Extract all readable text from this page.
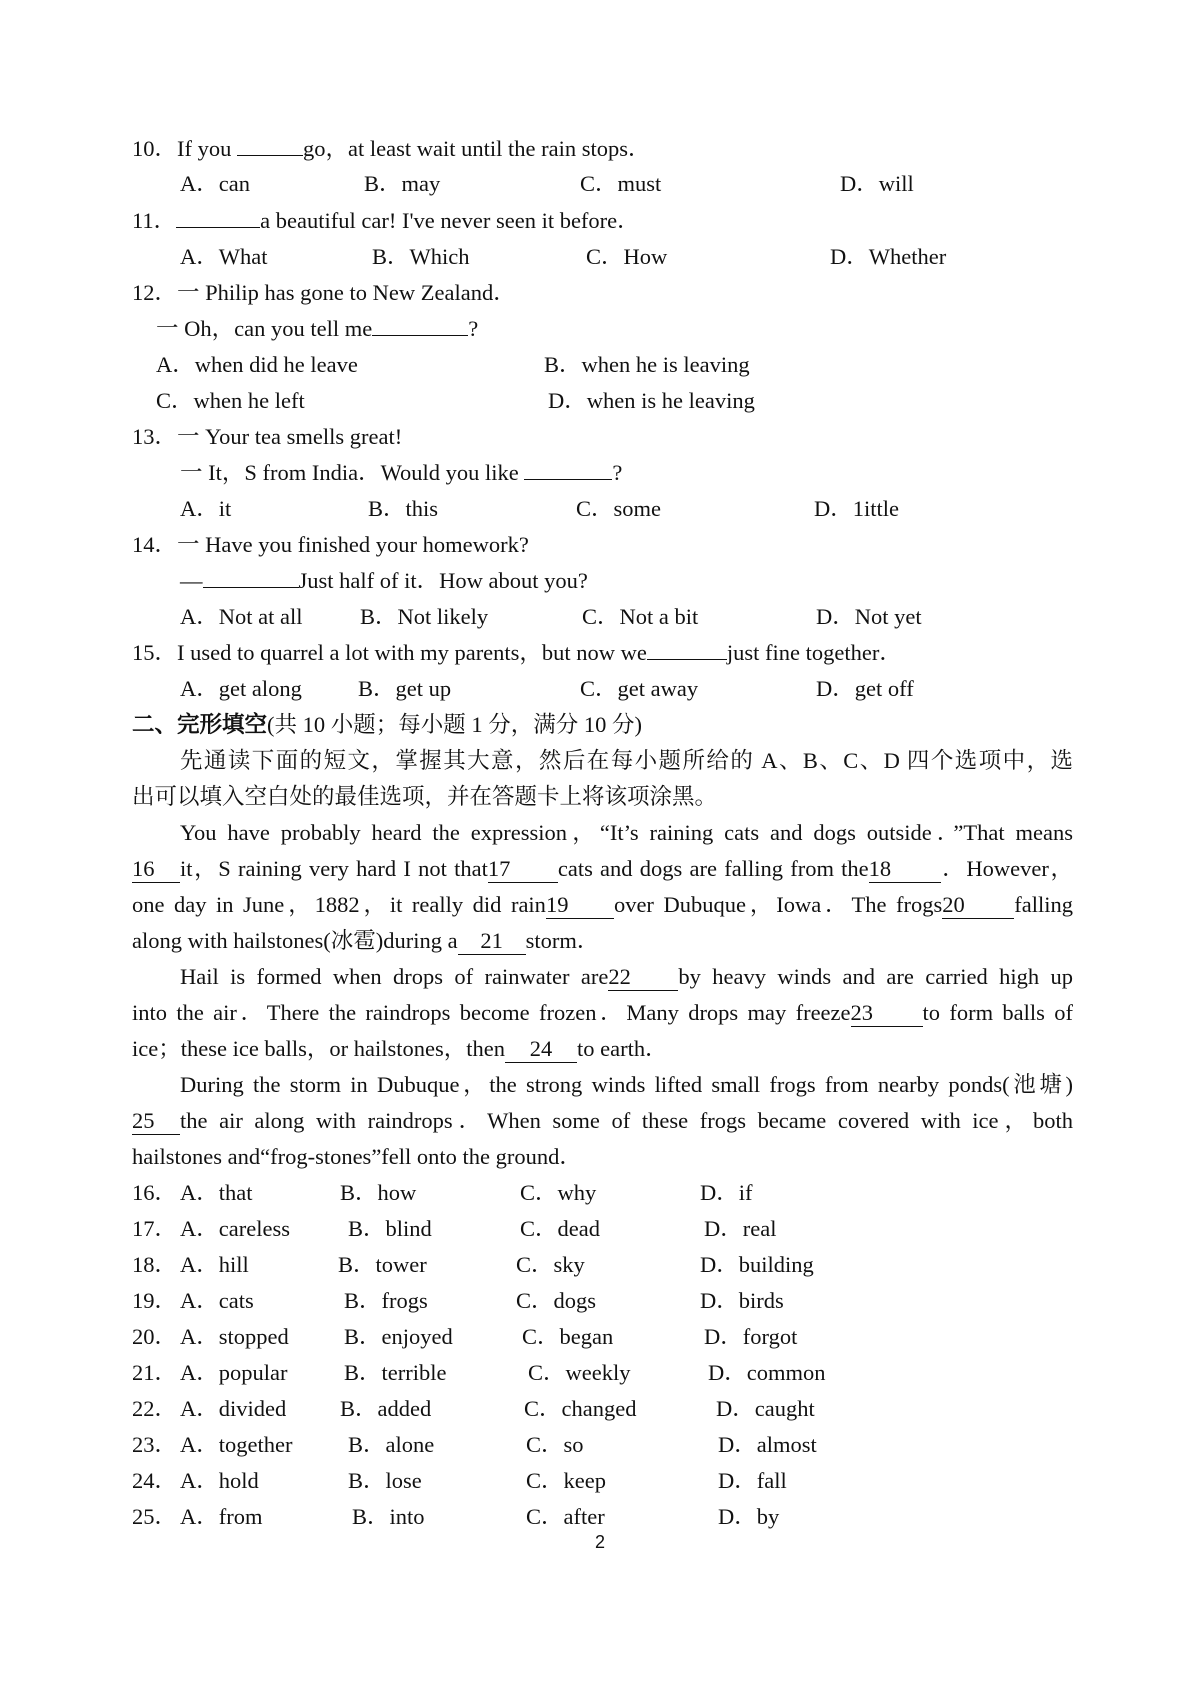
10．If you	go，at least wait until the rain stops．
A．can	B．may	C．must	D．will
11．	a beautiful car! I've never seen it before．
A．What	B．Which	C．How	D．Whether
12．一 Philip has gone to New Zealand．
一 Oh，can you tell me	?
A．when did he leave	B．when he is leaving
C．when he left	D．when is he leaving
13．一 Your tea smells great!
一 It，S from India．Would you like	?
A．it	B．this	C．some	D．1ittle
14．一 Have you finished your homework?
—	Just half of it．How about you?
A．Not at all	B．Not likely	C．Not a bit	D．Not yet
15．I used to quarrel a lot with my parents，but now we	just fine together．
A．get along B．get up	C．get away	D．get off
二、完形填空(共 10 小题；每小题 1 分，满分 10 分)
先通读下面的短文，掌握其大意，然后在每小题所给的 A、B、C、D 四个选项中，选
出可以填入空白处的最佳选项，并在答题卡上将该项涂黑。
You have probably heard the expression，“It’s raining cats and dogs outside．”That means
16 it，S raining very hard I not that17 cats and dogs are falling from the18 ．However，
one day in June，1882，it really did rain19 over Dubuque，Iowa．The frogs20 falling
along with hailstones(冰雹)during a 21 storm．
Hail is formed when drops of rainwater are22 by heavy winds and are carried high up
into the air．There the raindrops become frozen．Many drops may freeze23 to form balls of
ice；these ice balls，or hailstones，then 24 to earth．
During the storm in Dubuque，the strong winds lifted small frogs from nearby ponds(池塘)
25 the air along with raindrops．When some of these frogs became covered with ice，both
hailstones and“frog-stones”fell onto the ground．
16． A．that	B．how	C．why	D．if
17． A．careless	B．blind	C．dead	D．real
18． A．hill	B．tower	C．sky	D．building
19． A．cats	B．frogs	C．dogs	D．birds
20． A．stopped B．enjoyed	C．began	D．forgot
21． A．popular	B．terrible	C．weekly	D．common
22． A．divided B．added	C．changed	D．caught
23． A．together B．alone	C．so	D．almost
24． A．hold	B．lose	C．keep	D．fall
25． A．from	B．into	C．after	D．by
2
